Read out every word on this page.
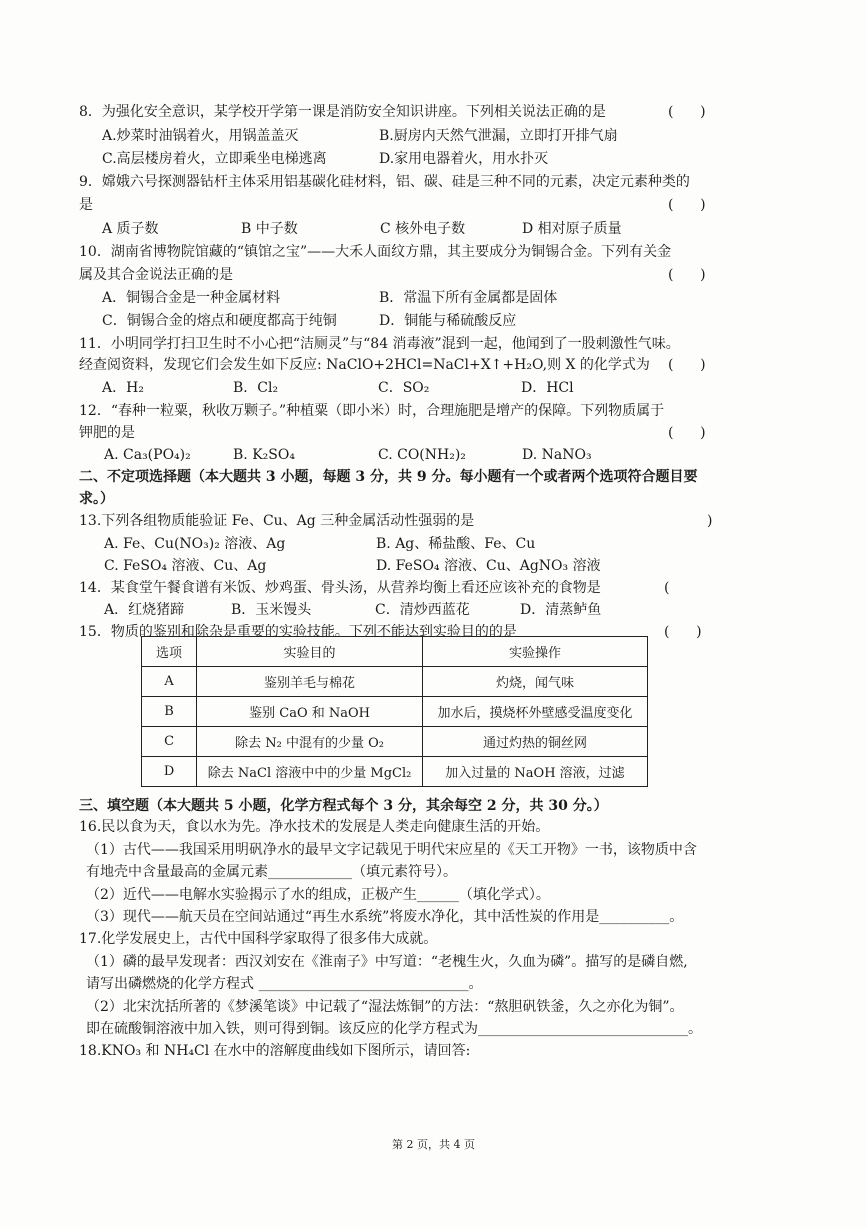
8．为强化安全意识，某学校开学第一课是消防安全知识讲座。下列相关说法正确的是	(      )
A.炒菜时油锅着火，用锅盖盖灭	B.厨房内天然气泄漏，立即打开排气扇
C.高层楼房着火，立即乘坐电梯逃离	D.家用电器着火，用水扑灭
9．嫦娥六号探测器钻杆主体采用铝基碳化硅材料，铝、碳、硅是三种不同的元素，决定元素种类的
是	(      )
A 质子数	B 中子数	C 核外电子数	D 相对原子质量
10．湖南省博物院馆藏的“镇馆之宝”——大禾人面纹方鼎，其主要成分为铜锡合金。下列有关金
属及其合金说法正确的是	(      )
A．铜锡合金是一种金属材料	B．常温下所有金属都是固体
C．铜锡合金的熔点和硬度都高于纯铜	D．铜能与稀硫酸反应
11．小明同学打扫卫生时不小心把“洁厕灵”与“84 消毒液”混到一起，他闻到了一股刺激性气味。
经查阅资料，发现它们会发生如下反应: NaClO+2HCl=NaCl+X↑+H₂O,则 X 的化学式为 (      )
A．H₂	B．Cl₂	C．SO₂	D．HCl
12．“春种一粒粟，秋收万颗子。”种植粟（即小米）时，合理施肥是增产的保障。下列物质属于
钾肥的是	(      )
A. Ca₃(PO₄)₂	B. K₂SO₄	C. CO(NH₂)₂	D. NaNO₃
二、不定项选择题（本大题共 3 小题，每题 3 分，共 9 分。每小题有一个或者两个选项符合题目要
求。）
13.下列各组物质能验证 Fe、Cu、Ag 三种金属活动性强弱的是	)
A. Fe、Cu(NO₃)₂ 溶液、Ag	B. Ag、稀盐酸、Fe、Cu
C. FeSO₄ 溶液、Cu、Ag	D. FeSO₄ 溶液、Cu、AgNO₃ 溶液
14．某食堂午餐食谱有米饭、炒鸡蛋、骨头汤，从营养均衡上看还应该补充的食物是	(
A．红烧猪蹄	B．玉米馒头	C．清炒西蓝花	D．清蒸鲈鱼
15．物质的鉴别和除杂是重要的实验技能。下列不能达到实验目的的是	(      )
选项	实验目的	实验操作
A	鉴别羊毛与棉花	灼烧，闻气味
B	鉴别 CaO 和 NaOH	加水后，摸烧杯外壁感受温度变化
C	除去 N₂ 中混有的少量 O₂	通过灼热的铜丝网
D	除去 NaCl 溶液中中的少量 MgCl₂	加入过量的 NaOH 溶液，过滤
三、填空题（本大题共 5 小题，化学方程式每个 3 分，其余每空 2 分，共 30 分。）
16.民以食为天，食以水为先。净水技术的发展是人类走向健康生活的开始。
（1）古代——我国采用明矾净水的最早文字记载见于明代宋应星的《天工开物》一书，该物质中含
有地壳中含量最高的金属元素____________（填元素符号）。
（2）近代——电解水实验揭示了水的组成，正极产生______（填化学式）。
（3）现代——航天员在空间站通过“再生水系统”将废水净化，其中活性炭的作用是__________。
17.化学发展史上，古代中国科学家取得了很多伟大成就。
（1）磷的最早发现者：西汉刘安在《淮南子》中写道：“老槐生火，久血为磷”。描写的是磷自燃,
请写出磷燃烧的化学方程式 ______________________________。
（2）北宋沈括所著的《梦溪笔谈》中记载了“湿法炼铜”的方法：“熬胆矾铁釜，久之亦化为铜”。
即在硫酸铜溶液中加入铁，则可得到铜。该反应的化学方程式为______________________________。
18.KNO₃ 和 NH₄Cl 在水中的溶解度曲线如下图所示，请回答:
第 2 页，共 4 页
